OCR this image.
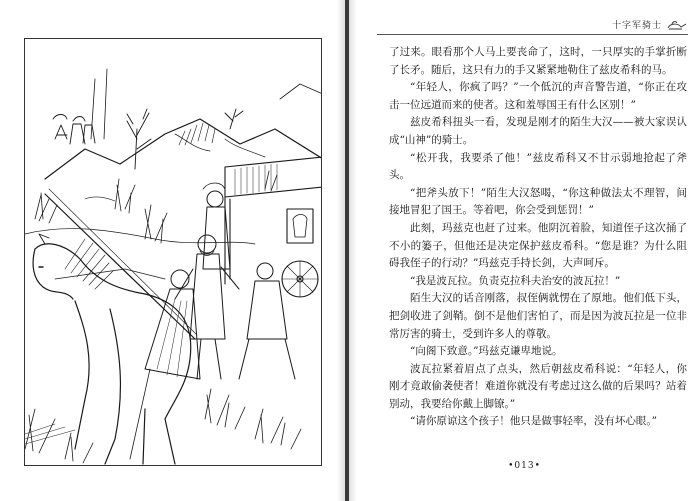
十字军骑士

了过来。眼看那个人马上要丧命了，这时，一只厚实的手掌折断了长矛。随后，这只有力的手又紧紧地勒住了兹皮希科的马。

“年轻人，你疯了吗？”一个低沉的声音警告道，“你正在攻击一位远道而来的使者。这和羞辱国王有什么区别！”

兹皮希科扭头一看，发现是刚才的陌生大汉——被大家误认成“山神”的骑士。

“松开我，我要杀了他！”兹皮希科又不甘示弱地抢起了斧头。

“把斧头放下！”陌生大汉怒喝，“你这种做法太不理智，间接地冒犯了国王。等着吧，你会受到惩罚！”

此刻，玛兹克也赶了过来。他阴沉着脸，知道侄子这次捅了不小的篓子，但他还是决定保护兹皮希科。“您是谁？为什么阻碍我侄子的行动？”玛兹克手持长剑，大声呵斥。

“我是波瓦拉。负责克拉科夫治安的波瓦拉！”

陌生大汉的话音刚落，叔侄俩就愣在了原地。他们低下头，把剑收进了剑鞘。倒不是他们害怕了，而是因为波瓦拉是一位非常厉害的骑士，受到许多人的尊敬。

“向阁下致意。”玛兹克谦卑地说。

波瓦拉紧着眉点了点头，然后朝兹皮希科说：“年轻人，你刚才竟敢偷袭使者！难道你就没有考虑过这么做的后果吗？站着别动，我要给你戴上脚镣。”

“请你原谅这个孩子！他只是做事轻率，没有坏心眼。”

•013•
